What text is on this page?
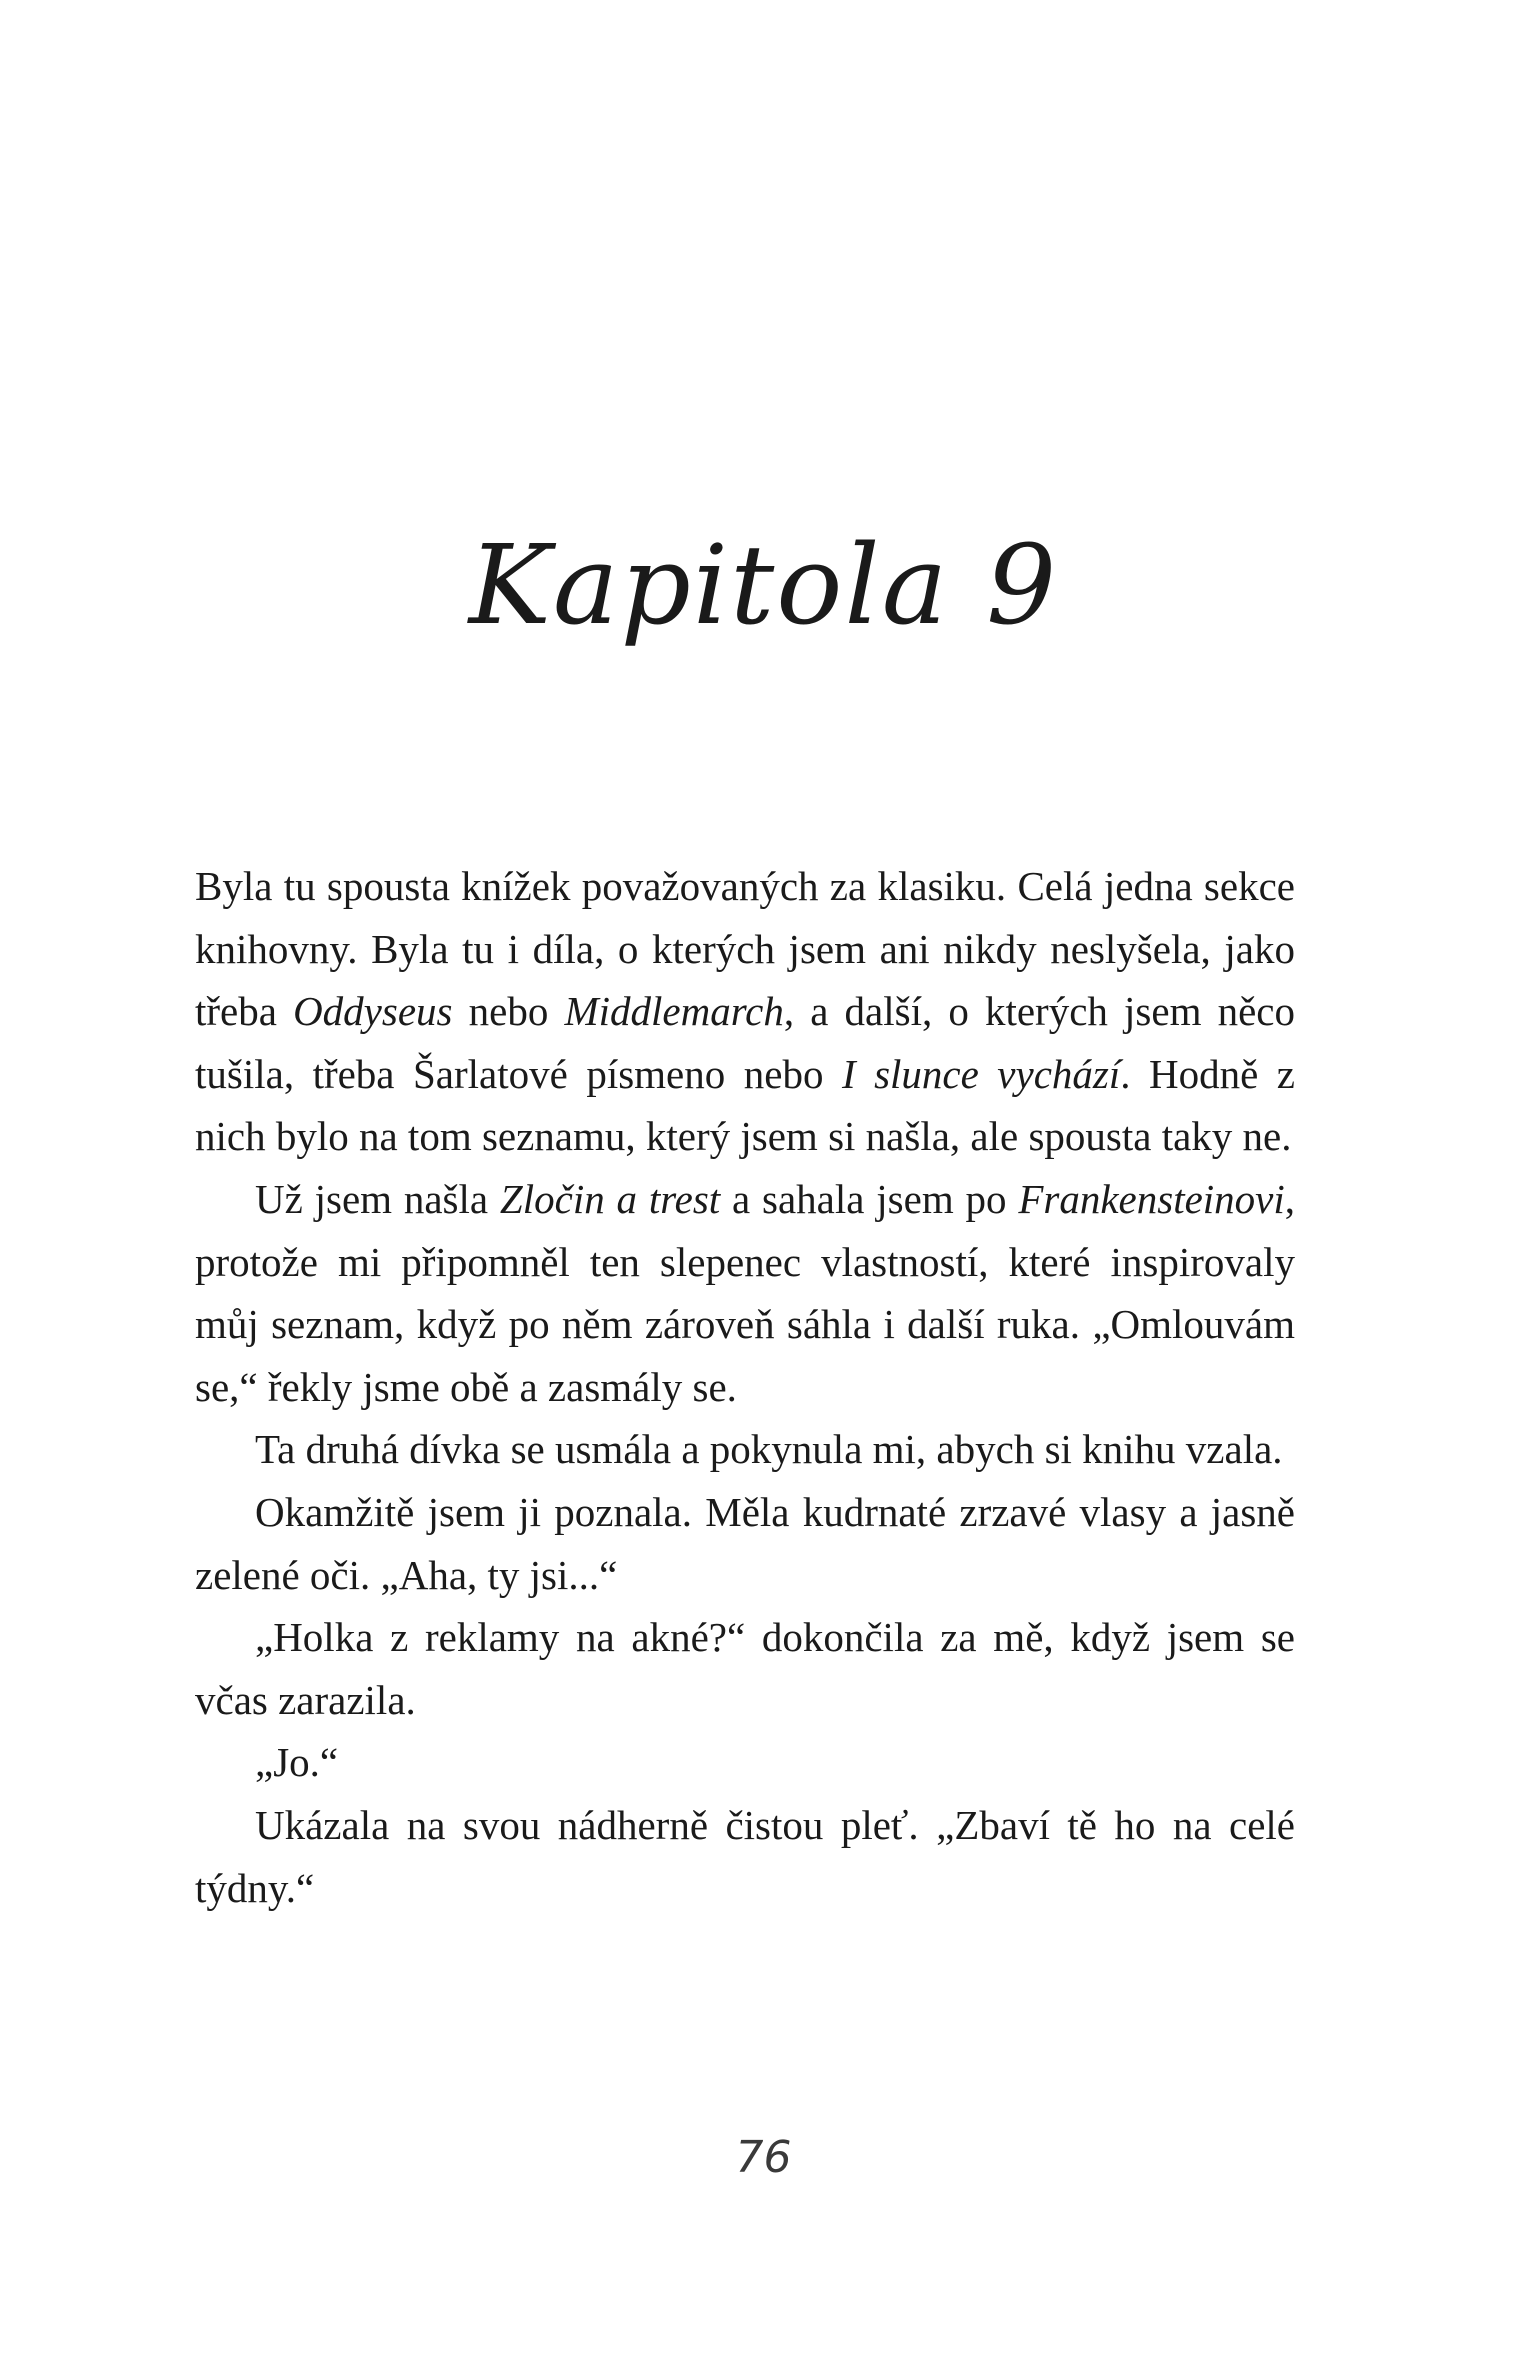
Kapitola 9

Byla tu spousta knížek považovaných za klasiku. Celá jedna sekce knihovny. Byla tu i díla, o kterých jsem ani nikdy neslyšela, jako třeba Oddyseus nebo Middlemarch, a další, o kterých jsem něco tušila, třeba Šarlatové písmeno nebo I slunce vychází. Hodně z nich bylo na tom seznamu, který jsem si našla, ale spousta taky ne.

Už jsem našla Zločin a trest a sahala jsem po Frankensteinovi, protože mi připomněl ten slepenec vlastností, které inspirovaly můj seznam, když po něm zároveň sáhla i další ruka. „Omlouvám se,“ řekly jsme obě a zasmály se.

Ta druhá dívka se usmála a pokynula mi, abych si knihu vzala.

Okamžitě jsem ji poznala. Měla kudrnaté zrzavé vlasy a jasně zelené oči. „Aha, ty jsi...“

„Holka z reklamy na akné?“ dokončila za mě, když jsem se včas zarazila.

„Jo.“

Ukázala na svou nádherně čistou pleť. „Zbaví tě ho na celé týdny.“

76
